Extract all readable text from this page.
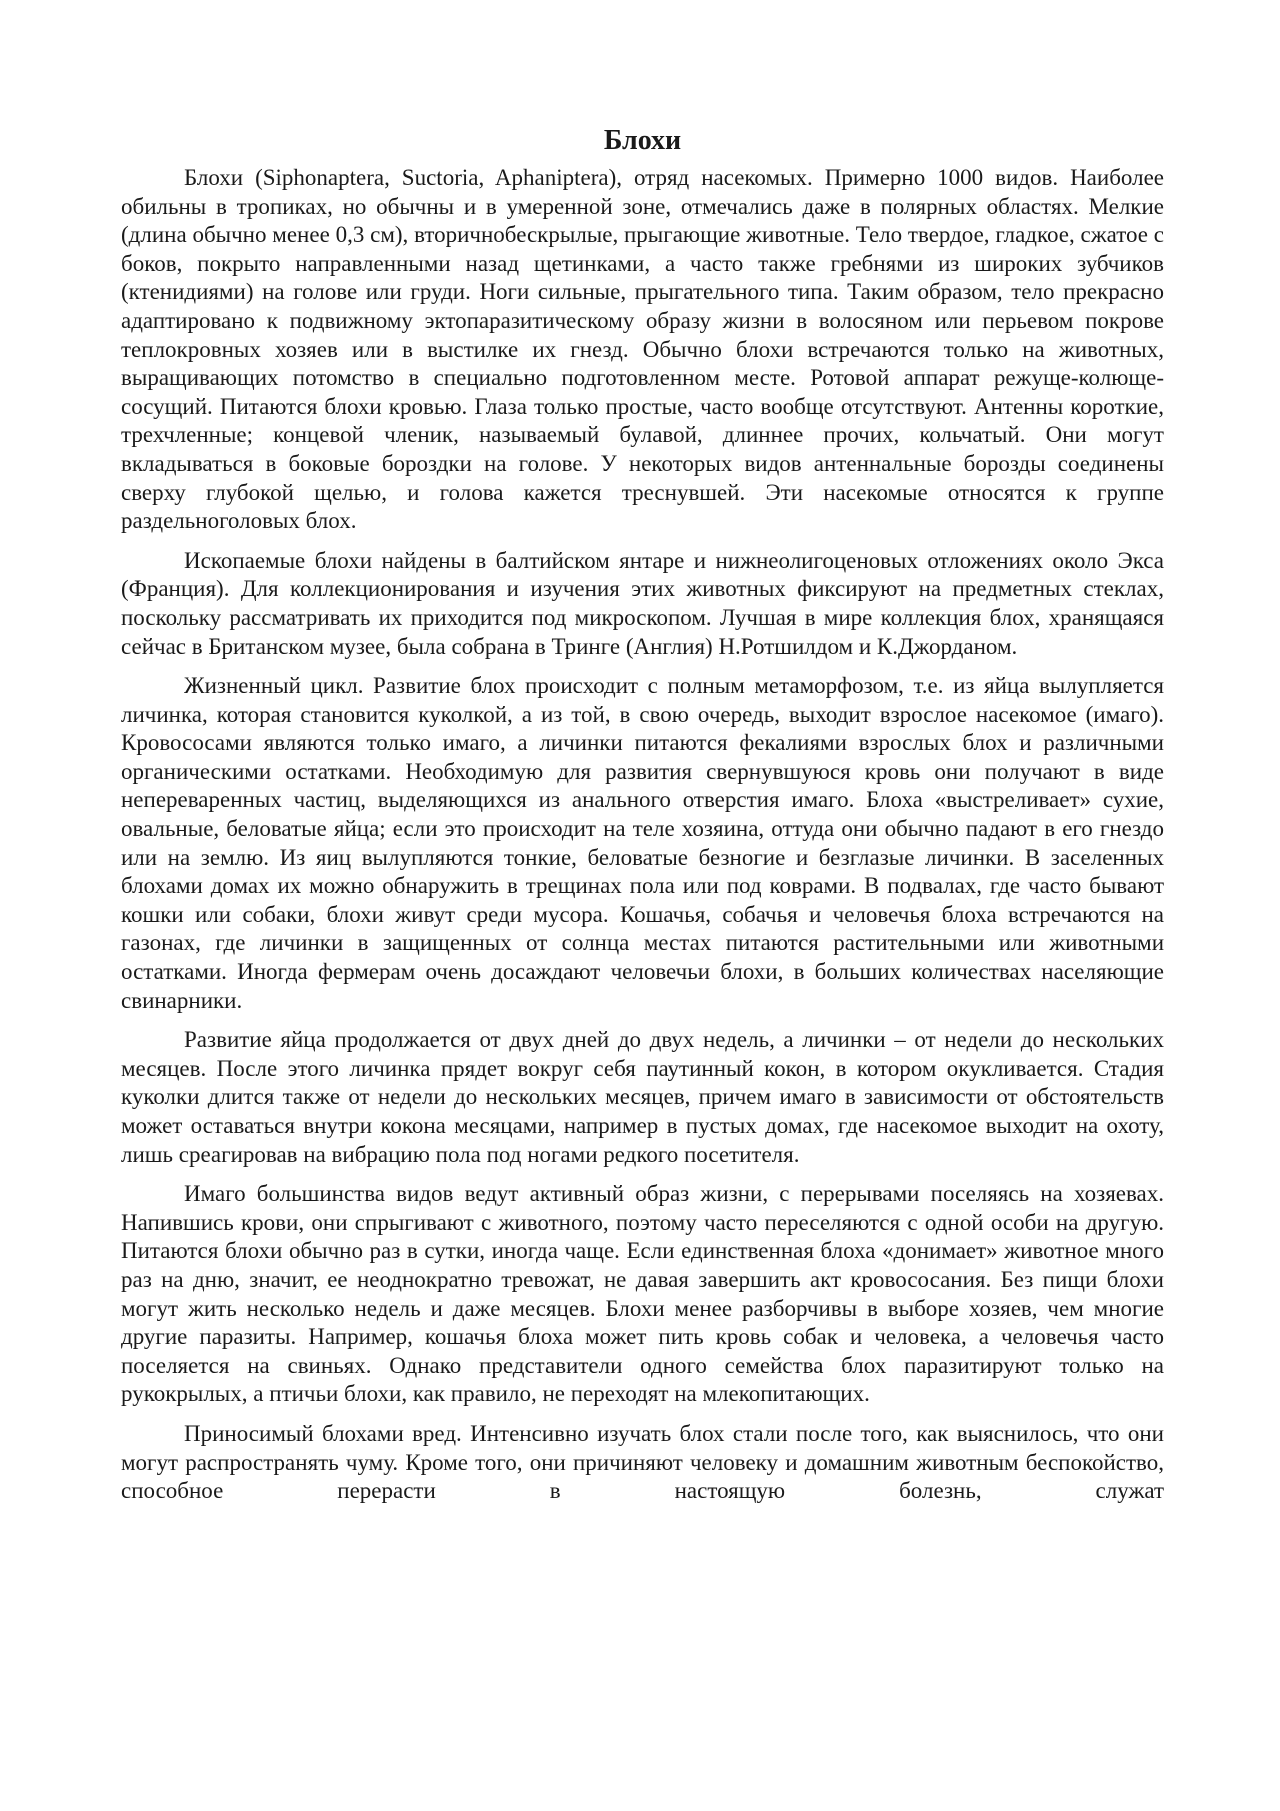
Блохи

Блохи (Siphonaptera, Suctoria, Aphaniptera), отряд насекомых. Примерно 1000 видов. Наиболее обильны в тропиках, но обычны и в умеренной зоне, отмечались даже в полярных областях. Мелкие (длина обычно менее 0,3 см), вторичнобескрылые, прыгающие животные. Тело твердое, гладкое, сжатое с боков, покрыто направленными назад щетинками, а часто также гребнями из широких зубчиков (ктенидиями) на голове или груди. Ноги сильные, прыгательного типа. Таким образом, тело прекрасно адаптировано к подвижному эктопаразитическому образу жизни в волосяном или перьевом покрове теплокровных хозяев или в выстилке их гнезд. Обычно блохи встречаются только на животных, выращивающих потомство в специально подготовленном месте. Ротовой аппарат режуще-колюще-сосущий. Питаются блохи кровью. Глаза только простые, часто вообще отсутствуют. Антенны короткие, трехчленные; концевой членик, называемый булавой, длиннее прочих, кольчатый. Они могут вкладываться в боковые бороздки на голове. У некоторых видов антеннальные борозды соединены сверху глубокой щелью, и голова кажется треснувшей. Эти насекомые относятся к группе раздельноголовых блох.

Ископаемые блохи найдены в балтийском янтаре и нижнеолигоценовых отложениях около Экса (Франция). Для коллекционирования и изучения этих животных фиксируют на предметных стеклах, поскольку рассматривать их приходится под микроскопом. Лучшая в мире коллекция блох, хранящаяся сейчас в Британском музее, была собрана в Тринге (Англия) Н.Ротшилдом и К.Джорданом.

Жизненный цикл. Развитие блох происходит с полным метаморфозом, т.е. из яйца вылупляется личинка, которая становится куколкой, а из той, в свою очередь, выходит взрослое насекомое (имаго). Кровососами являются только имаго, а личинки питаются фекалиями взрослых блох и различными органическими остатками. Необходимую для развития свернувшуюся кровь они получают в виде непереваренных частиц, выделяющихся из анального отверстия имаго. Блоха «выстреливает» сухие, овальные, беловатые яйца; если это происходит на теле хозяина, оттуда они обычно падают в его гнездо или на землю. Из яиц вылупляются тонкие, беловатые безногие и безглазые личинки. В заселенных блохами домах их можно обнаружить в трещинах пола или под коврами. В подвалах, где часто бывают кошки или собаки, блохи живут среди мусора. Кошачья, собачья и человечья блоха встречаются на газонах, где личинки в защищенных от солнца местах питаются растительными или животными остатками. Иногда фермерам очень досаждают человечьи блохи, в больших количествах населяющие свинарники.

Развитие яйца продолжается от двух дней до двух недель, а личинки – от недели до нескольких месяцев. После этого личинка прядет вокруг себя паутинный кокон, в котором окукливается. Стадия куколки длится также от недели до нескольких месяцев, причем имаго в зависимости от обстоятельств может оставаться внутри кокона месяцами, например в пустых домах, где насекомое выходит на охоту, лишь среагировав на вибрацию пола под ногами редкого посетителя.

Имаго большинства видов ведут активный образ жизни, с перерывами поселяясь на хозяевах. Напившись крови, они спрыгивают с животного, поэтому часто переселяются с одной особи на другую. Питаются блохи обычно раз в сутки, иногда чаще. Если единственная блоха «донимает» животное много раз на дню, значит, ее неоднократно тревожат, не давая завершить акт кровососания. Без пищи блохи могут жить несколько недель и даже месяцев. Блохи менее разборчивы в выборе хозяев, чем многие другие паразиты. Например, кошачья блоха может пить кровь собак и человека, а человечья часто поселяется на свиньях. Однако представители одного семейства блох паразитируют только на рукокрылых, а птичьи блохи, как правило, не переходят на млекопитающих.

Приносимый блохами вред. Интенсивно изучать блох стали после того, как выяснилось, что они могут распространять чуму. Кроме того, они причиняют человеку и домашним животным беспокойство, способное перерасти в настоящую болезнь, служат
